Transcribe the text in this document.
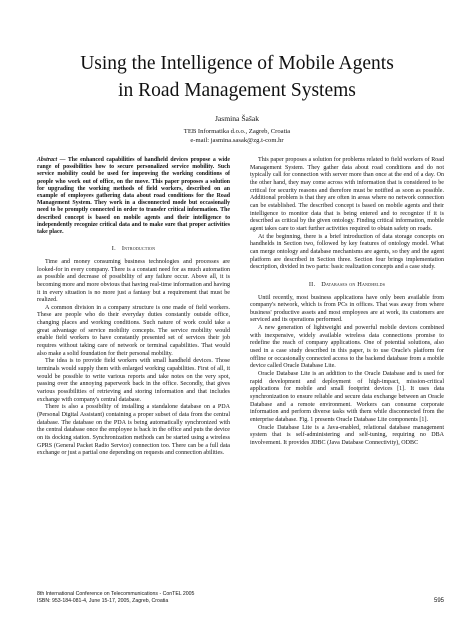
Using the Intelligence of Mobile Agents
in Road Management Systems
Jasmina Šašak
TEB Informatika d.o.o., Zagreb, Croatia
e-mail: jasmina.sasak@zg.t-com.hr

Abstract — The enhanced capabilities of handheld devices propose a wide range of possibilities how to secure personalized service mobility. Such service mobility could be used for improving the working conditions of people who work out of office, on the move. This paper proposes a solution for upgrading the working methods of field workers, described on an example of employees gathering data about road conditions for the Road Management System. They work in a disconnected mode but occasionally need to be promptly connected in order to transfer critical information. The described concept is based on mobile agents and their intelligence to independently recognize critical data and to make sure that proper activities take place.

I. Introduction

Time and money consuming business technologies and processes are looked-for in every company. There is a constant need for as much automation as possible and decrease of possibility of any failure occur. Above all, it is becoming more and more obvious that having real-time information and having it in every situation is no more just a fantasy but a requirement that must be realized.

A common division in a company structure is one made of field workers. These are people who do their everyday duties constantly outside office, changing places and working conditions. Such nature of work could take a great advantage of service mobility concepts. The service mobility would enable field workers to have constantly presented set of services their job requires without taking care of network or terminal capabilities. That would also make a solid foundation for their personal mobility.

The idea is to provide field workers with small handheld devices. Those terminals would supply them with enlarged working capabilities. First of all, it would be possible to write various reports and take notes on the very spot, passing over the annoying paperwork back in the office. Secondly, that gives various possibilities of retrieving and storing information and that includes exchange with company's central database.

There is also a possibility of installing a standalone database on a PDA (Personal Digital Assistant) containing a proper subset of data from the central database. The database on the PDA is being automatically synchronized with the central database once the employee is back in the office and puts the device on its docking station. Synchronization methods can be started using a wireless GPRS (General Packet Radio Service) connection too. There can be a full data exchange or just a partial one depending on requests and connection abilities.

This paper proposes a solution for problems related to field workers of Road Management System. They gather data about road conditions and do not typically call for connection with server more than once at the end of a day. On the other hand, they may come across with information that is considered to be critical for security reasons and therefore must be notified as soon as possible. Additional problem is that they are often in areas where no network connection can be established. The described concept is based on mobile agents and their intelligence to monitor data that is being entered and to recognize if it is described as critical by the given ontology. Finding critical information, mobile agent takes care to start further activities required to obtain safety on roads.

At the beginning, there is a brief introduction of data storage concepts on handhelds in Section two, followed by key features of ontology model. What can merge ontology and database mechanisms are agents, so they and the agent platform are described in Section three. Section four brings implementation description, divided in two parts: basic realization concepts and a case study.

II. Databases on Handhelds

Until recently, most business applications have only been available from company's network, which is from PCs in offices. That was away from where business' productive assets and most employees are at work, its customers are serviced and its operations performed.

A new generation of lightweight and powerful mobile devices combined with inexpensive, widely available wireless data connections promise to redefine the reach of company applications. One of potential solutions, also used in a case study described in this paper, is to use Oracle's platform for offline or occasionally connected access to the backend database from a mobile device called Oracle Database Lite.

Oracle Database Lite is an addition to the Oracle Database and is used for rapid development and deployment of high-impact, mission-critical applications for mobile and small footprint devices [1]. It uses data synchronization to ensure reliable and secure data exchange between an Oracle Database and a remote environment. Workers can consume corporate information and perform diverse tasks with them while disconnected from the enterprise database. Fig. 1 presents Oracle Database Lite components [1].

Oracle Database Lite is a Java-enabled, relational database management system that is self-administering and self-tuning, requiring no DBA involvement. It provides JDBC (Java Database Connectivity), ODBC

8th International Conference on Telecommunications - ConTEL 2005
ISBN: 953-184-081-4, June 15-17, 2005, Zagreb, Croatia	595
